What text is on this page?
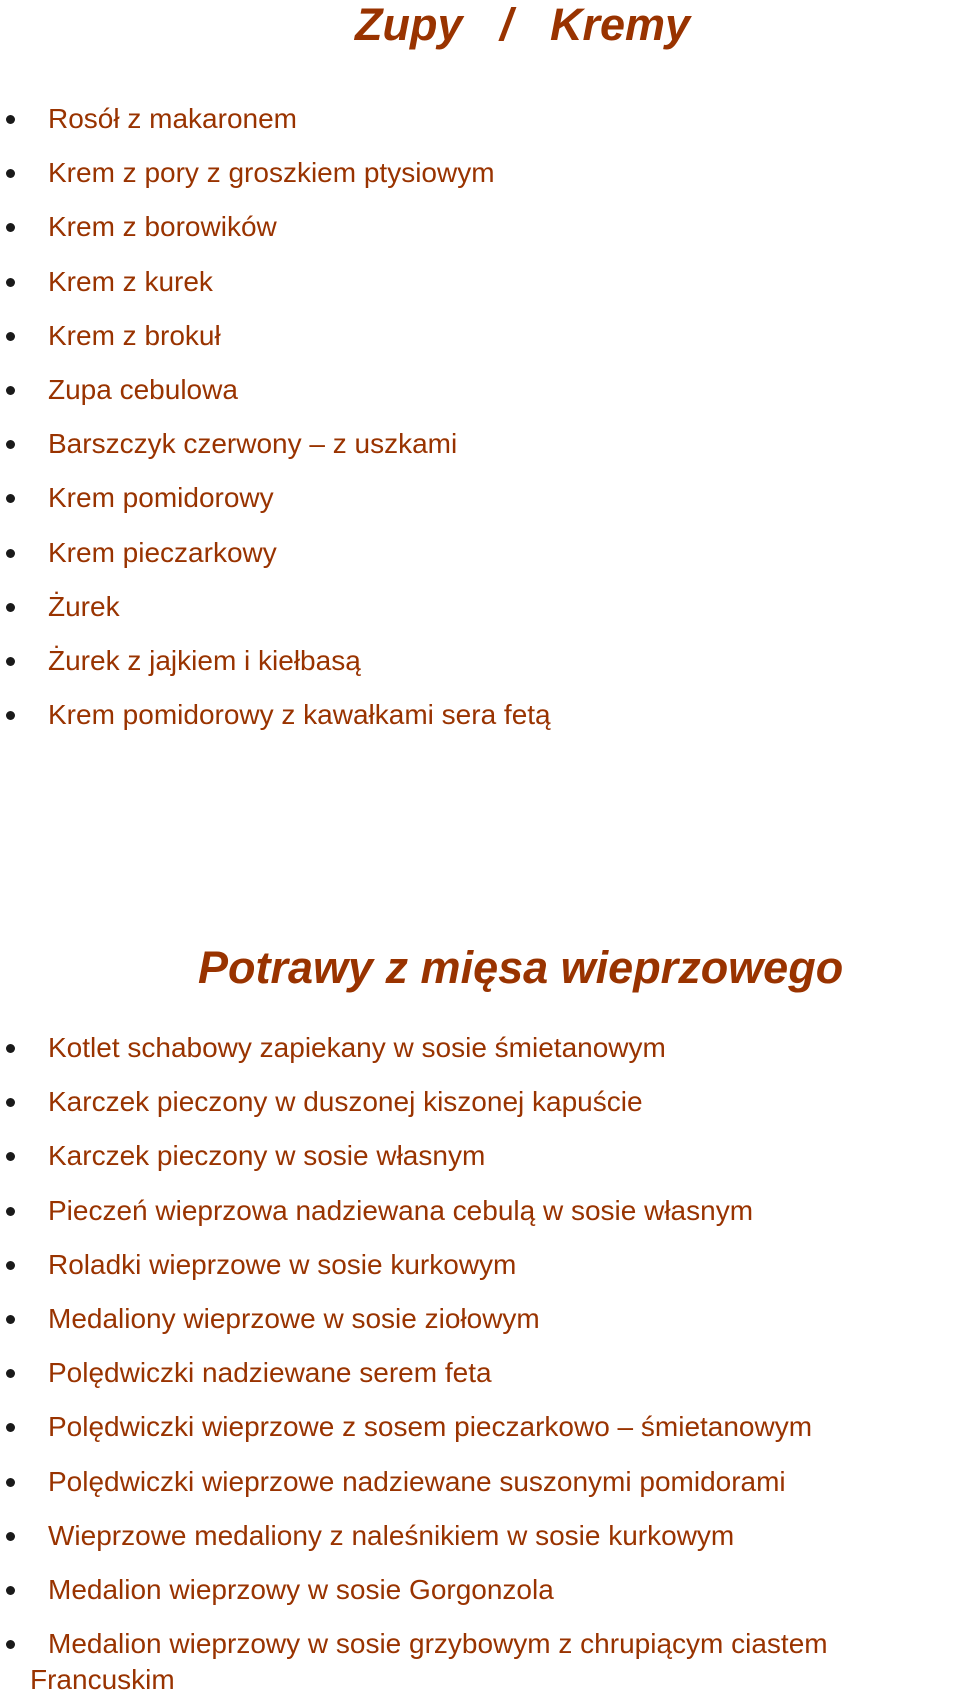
Zupy   /   Kremy
Rosół z makaronem
Krem z pory z groszkiem ptysiowym
Krem z borowików
Krem z kurek
Krem z brokuł
Zupa cebulowa
Barszczyk czerwony – z uszkami
Krem pomidorowy
Krem pieczarkowy
Żurek
Żurek z jajkiem i kiełbasą
Krem pomidorowy z kawałkami sera fetą
Potrawy z mięsa wieprzowego
Kotlet schabowy zapiekany w sosie śmietanowym
Karczek pieczony w duszonej kiszonej kapuście
Karczek pieczony w sosie własnym
Pieczeń wieprzowa nadziewana cebulą w sosie własnym
Roladki wieprzowe w sosie kurkowym
Medaliony wieprzowe w sosie ziołowym
Polędwiczki nadziewane serem feta
Polędwiczki wieprzowe z sosem pieczarkowo – śmietanowym
Polędwiczki wieprzowe nadziewane suszonymi pomidorami
Wieprzowe medaliony z naleśnikiem w sosie kurkowym
Medalion wieprzowy w sosie Gorgonzola
Medalion wieprzowy w sosie grzybowym z chrupiącym ciastem
Francuskim
